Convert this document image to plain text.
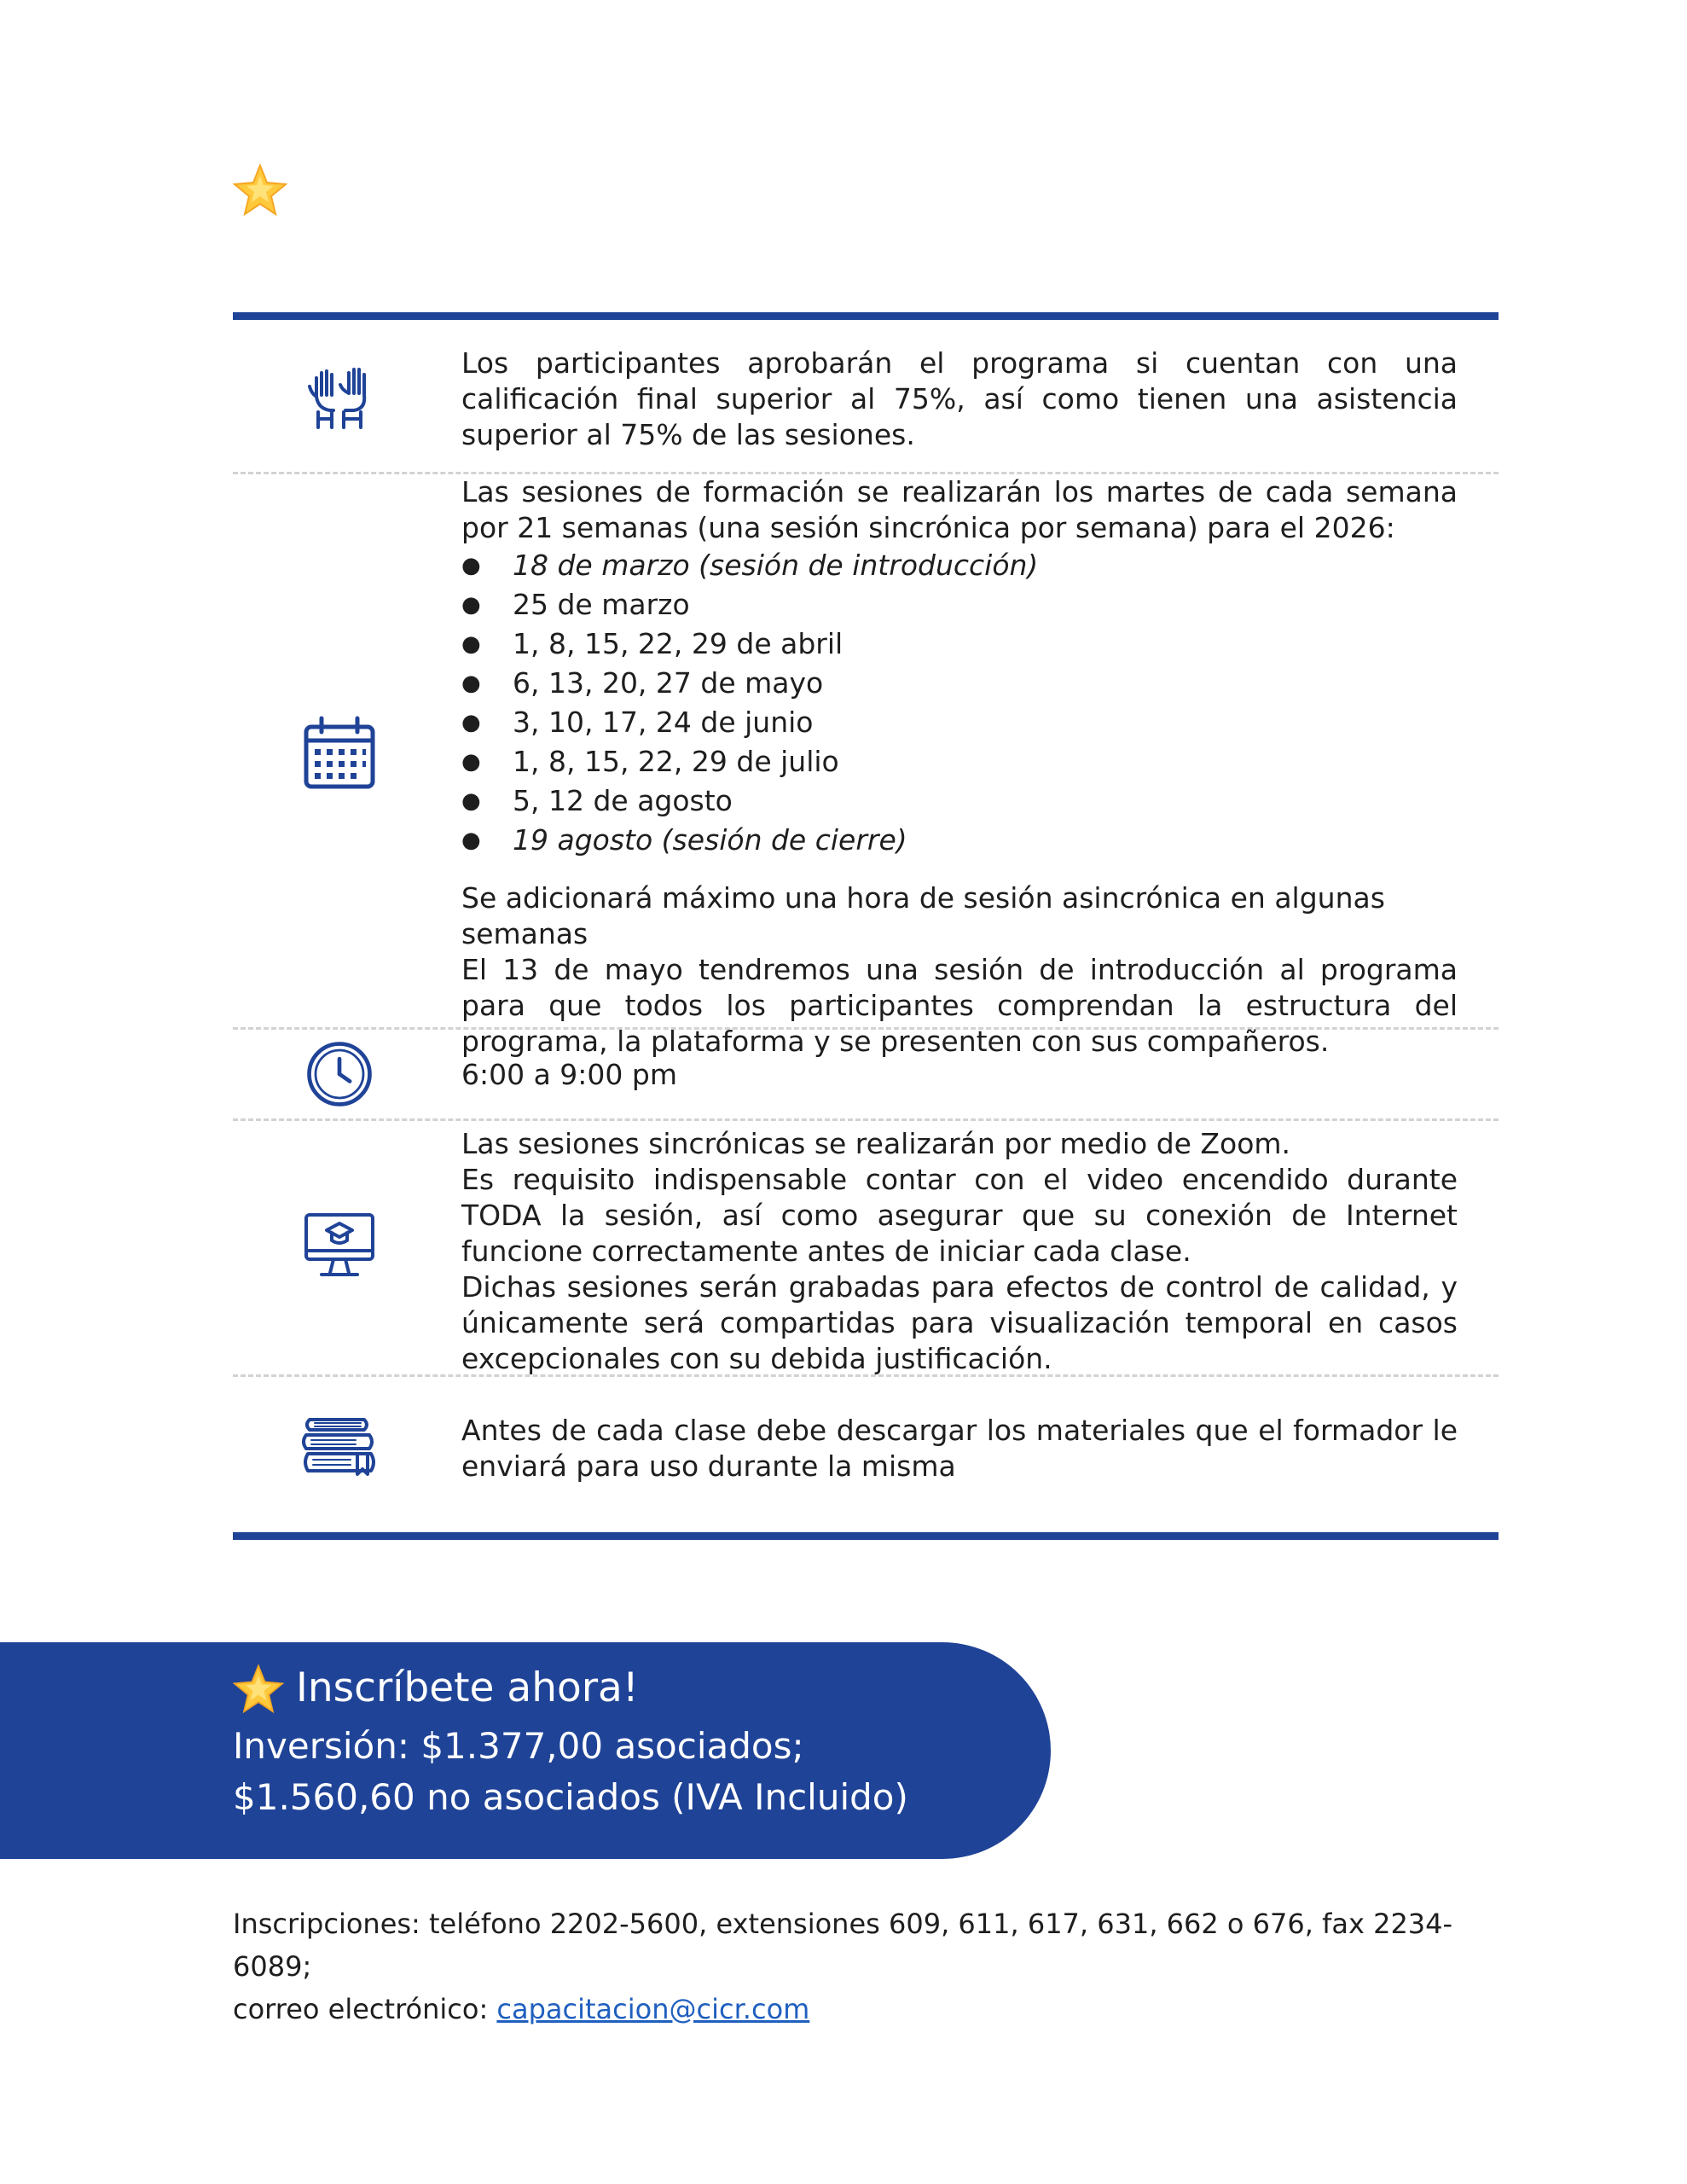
Los participantes aprobarán el programa si cuentan con una calificación final superior al 75%, así como tienen una asistencia superior al 75% de las sesiones.

Las sesiones de formación se realizarán los martes de cada semana por 21 semanas (una sesión sincrónica por semana) para el 2026:

● 18 de marzo (sesión de introducción)
● 25 de marzo
● 1, 8, 15, 22, 29 de abril
● 6, 13, 20, 27 de mayo
● 3, 10, 17, 24 de junio
● 1, 8, 15, 22, 29 de julio
● 5, 12 de agosto
● 19 agosto (sesión de cierre)

Se adicionará máximo una hora de sesión asincrónica en algunas semanas

El 13 de mayo tendremos una sesión de introducción al programa para que todos los participantes comprendan la estructura del programa, la plataforma y se presenten con sus compañeros.

6:00 a 9:00 pm

Las sesiones sincrónicas se realizarán por medio de Zoom.

Es requisito indispensable contar con el video encendido durante TODA la sesión, así como asegurar que su conexión de Internet funcione correctamente antes de iniciar cada clase.

Dichas sesiones serán grabadas para efectos de control de calidad, y únicamente será compartidas para visualización temporal en casos excepcionales con su debida justificación.

Antes de cada clase debe descargar los materiales que el formador le enviará para uso durante la misma
Inscríbete ahora!
Inversión: $1.377,00 asociados;
$1.560,60 no asociados (IVA Incluido)
Inscripciones: teléfono 2202-5600, extensiones 609, 611, 617, 631, 662 o 676, fax 2234-6089;
correo electrónico: capacitacion@cicr.com
